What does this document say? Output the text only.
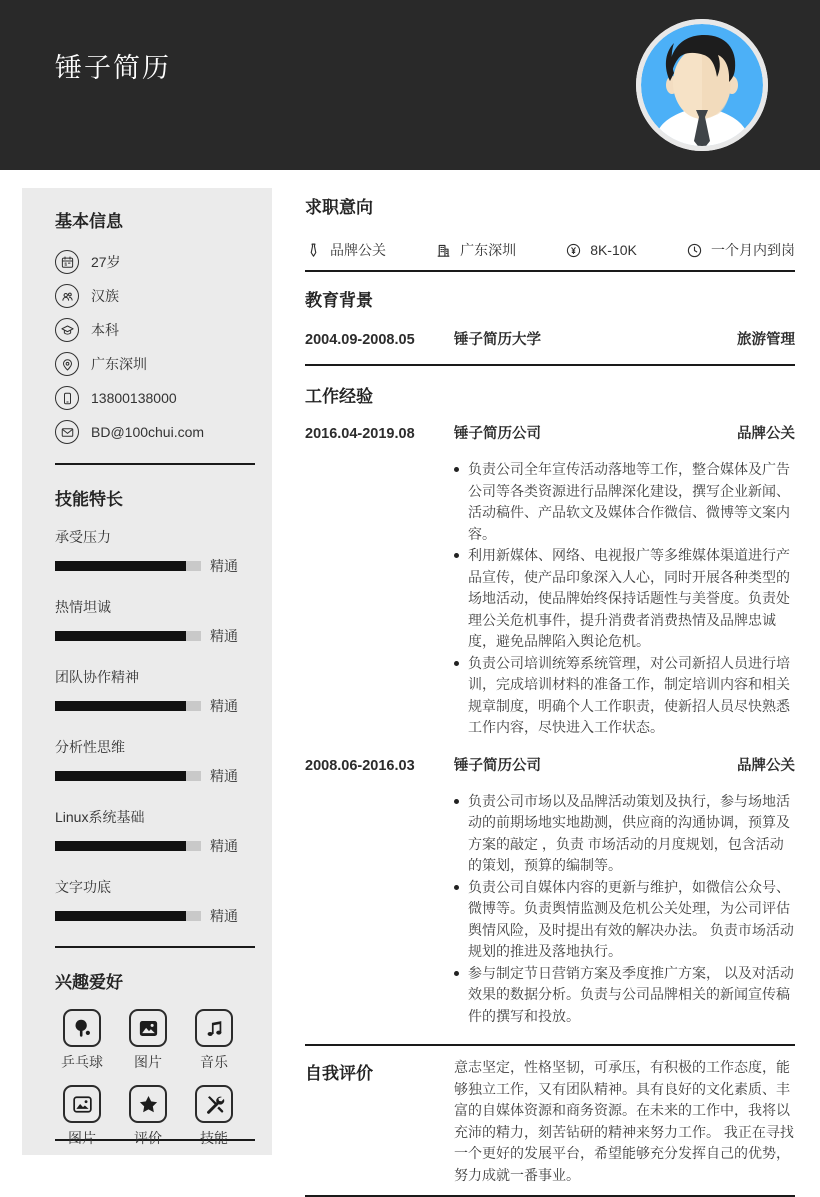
锤子简历
基本信息
27岁
汉族
本科
广东深圳
13800138000
BD@100chui.com
技能特长
承受压力
精通
热情坦诚
精通
团队协作精神
精通
分析性思维
精通
Linux系统基础
精通
文字功底
精通
兴趣爱好
乒乓球 图片	音乐
图片	评价	技能
求职意向
品牌公关	广东深圳	8K-10K	一个月内到岗
教育背景
2004.09-2008.05	锤子简历大学	旅游管理
工作经验
2016.04-2019.08	锤子简历公司	品牌公关
负责公司全年宣传活动落地等工作，整合媒体及广告公司等各类资源进行品牌深化建设，撰写企业新闻、活动稿件、产品软文及媒体合作微信、微博等文案内容。
利用新媒体、网络、电视报广等多维媒体渠道进行产品宣传，使产品印象深入人心，同时开展各种类型的场地活动，使品牌始终保持话题性与美誉度。负责处理公关危机事件，提升消费者消费热情及品牌忠诚度，避免品牌陷入舆论危机。
负责公司培训统筹系统管理，对公司新招人员进行培训，完成培训材料的准备工作，制定培训内容和相关规章制度，明确个人工作职责，使新招人员尽快熟悉工作内容，尽快进入工作状态。
2008.06-2016.03	锤子简历公司	品牌公关
负责公司市场以及品牌活动策划及执行，参与场地活动的前期场地实地勘测，供应商的沟通协调，预算及方案的敲定 ，负责 市场活动的月度规划，包含活动的策划，预算的编制等。
负责公司自媒体内容的更新与维护，如微信公众号、微博等。负责舆情监测及危机公关处理，为公司评估舆情风险，及时提出有效的解决办法。 负责市场活动规划的推进及落地执行。
参与制定节日营销方案及季度推广方案， 以及对活动效果的数据分析。负责与公司品牌相关的新闻宣传稿件的撰写和投放。
自我评价	意志坚定，性格坚韧，可承压，有积极的工作态度，能够独立工作，又有团队精神。具有良好的文化素质、丰富的自媒体资源和商务资源。在未来的工作中，我将以充沛的精力，刻苦钻研的精神来努力工作。 我正在寻找一个更好的发展平台，希望能够充分发挥自己的优势，努力成就一番事业。
